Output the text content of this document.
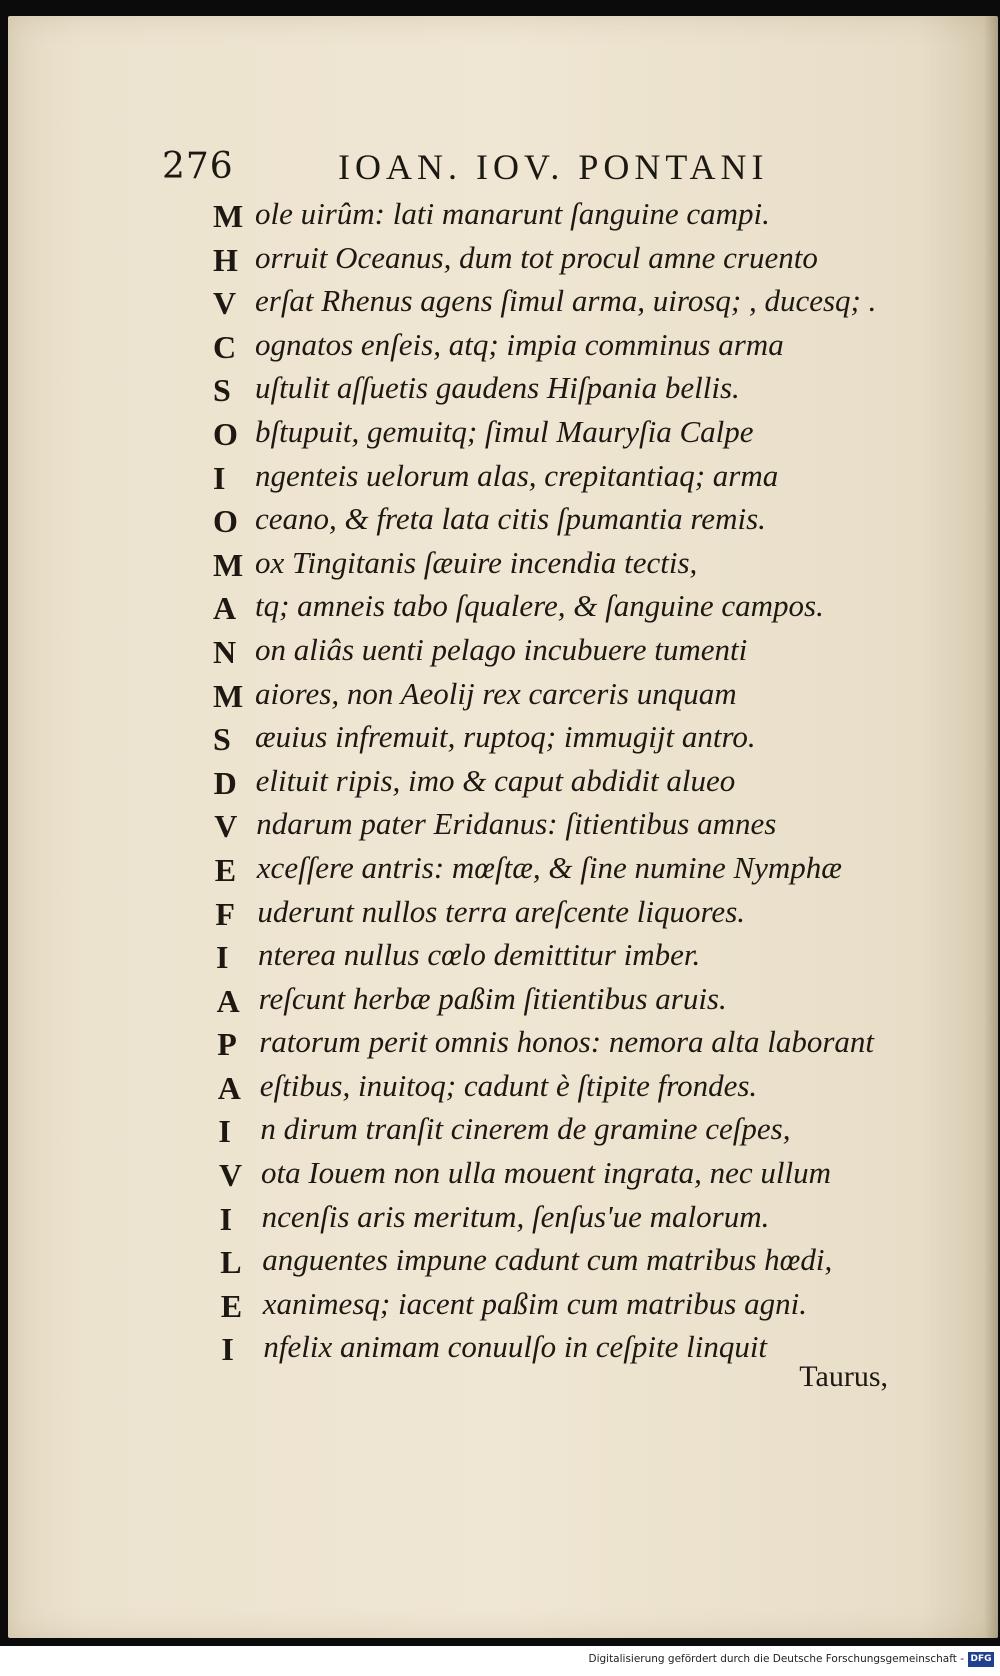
276	IOAN. IOV. PONTANI
M ole uirûm: lati manarunt ſanguine campi.
H orruit Oceanus, dum tot procul amne cruento
V erſat Rhenus agens ſimul arma, uirosq; , ducesq; .
C ognatos enſeis, atq; impia comminus arma
S uſtulit aſſuetis gaudens Hiſpania bellis.
O bſtupuit, gemuitq; ſimul Mauryſia Calpe
I ngenteis uelorum alas, crepitantiaq; arma
O ceano, & freta lata citis ſpumantia remis.
M ox Tingitanis ſæuire incendia tectis,
A tq; amneis tabo ſqualere, & ſanguine campos.
N on aliâs uenti pelago incubuere tumenti
M aiores, non Aeolij rex carceris unquam
S æuius infremuit, ruptoq; immugijt antro.
D elituit ripis, imo & caput abdidit alueo
V ndarum pater Eridanus: ſitientibus amnes
E xceſſere antris: mœſtæ, & ſine numine Nymphæ
F uderunt nullos terra areſcente liquores.
I nterea nullus cœlo demittitur imber.
A reſcunt herbæ paßim ſitientibus aruis.
P ratorum perit omnis honos: nemora alta laborant
A eſtibus, inuitoq; cadunt è ſtipite frondes.
I n dirum tranſit cinerem de gramine ceſpes,
V ota Iouem non ulla mouent ingrata, nec ullum
I ncenſis aris meritum, ſenſus'ue malorum.
L anguentes impune cadunt cum matribus hœdi,
E xanimesq; iacent paßim cum matribus agni.
I nfelix animam conuulſo in ceſpite linquit
Taurus,
Digitalisierung gefördert durch die Deutsche Forschungsgemeinschaft - DFG
